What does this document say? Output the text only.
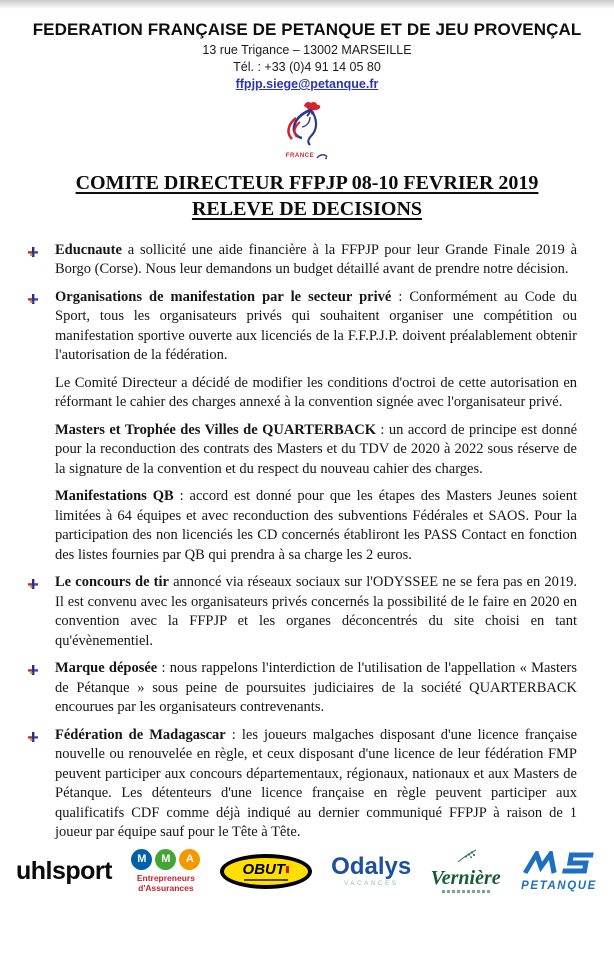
FEDERATION FRANÇAISE DE PETANQUE ET DE JEU PROVENÇAL
13 rue Trigance – 13002 MARSEILLE
Tél. : +33 (0)4 91 14 05 80
ffpjp.siege@petanque.fr
FRANCE
COMITE DIRECTEUR FFPJP 08-10 FEVRIER 2019
RELEVE DE DECISIONS

Educnaute a sollicité une aide financière à la FFPJP pour leur Grande Finale 2019 à Borgo (Corse). Nous leur demandons un budget détaillé avant de prendre notre décision.

Organisations de manifestation par le secteur privé : Conformément au Code du Sport, tous les organisateurs privés qui souhaitent organiser une compétition ou manifestation sportive ouverte aux licenciés de la F.F.P.J.P. doivent préalablement obtenir l'autorisation de la fédération.

Le Comité Directeur a décidé de modifier les conditions d'octroi de cette autorisation en réformant le cahier des charges annexé à la convention signée avec l'organisateur privé.

Masters et Trophée des Villes de QUARTERBACK : un accord de principe est donné pour la reconduction des contrats des Masters et du TDV de 2020 à 2022 sous réserve de la signature de la convention et du respect du nouveau cahier des charges.

Manifestations QB : accord est donné pour que les étapes des Masters Jeunes soient limitées à 64 équipes et avec reconduction des subventions Fédérales et SAOS. Pour la participation des non licenciés les CD concernés établiront les PASS Contact en fonction des listes fournies par QB qui prendra à sa charge les 2 euros.

Le concours de tir annoncé via réseaux sociaux sur l'ODYSSEE ne se fera pas en 2019. Il est convenu avec les organisateurs privés concernés la possibilité de le faire en 2020 en convention avec la FFPJP et les organes déconcentrés du site choisi en tant qu'évènementiel.

Marque déposée : nous rappelons l'interdiction de l'utilisation de l'appellation « Masters de Pétanque » sous peine de poursuites judiciaires de la société QUARTERBACK encourues par les organisateurs contrevenants.

Fédération de Madagascar : les joueurs malgaches disposant d'une licence française nouvelle ou renouvelée en règle, et ceux disposant d'une licence de leur fédération FMP peuvent participer aux concours départementaux, régionaux, nationaux et aux Masters de Pétanque. Les détenteurs d'une licence française en règle peuvent participer aux qualificatifs CDF comme déjà indiqué au dernier communiqué FFPJP à raison de 1 joueur par équipe sauf pour le Tête à Tête.

uhlsport	M	M	A
Entrepreneurs
d'Assurances
OBUT Odalys
VACANCES	Vernière PETANQUE
